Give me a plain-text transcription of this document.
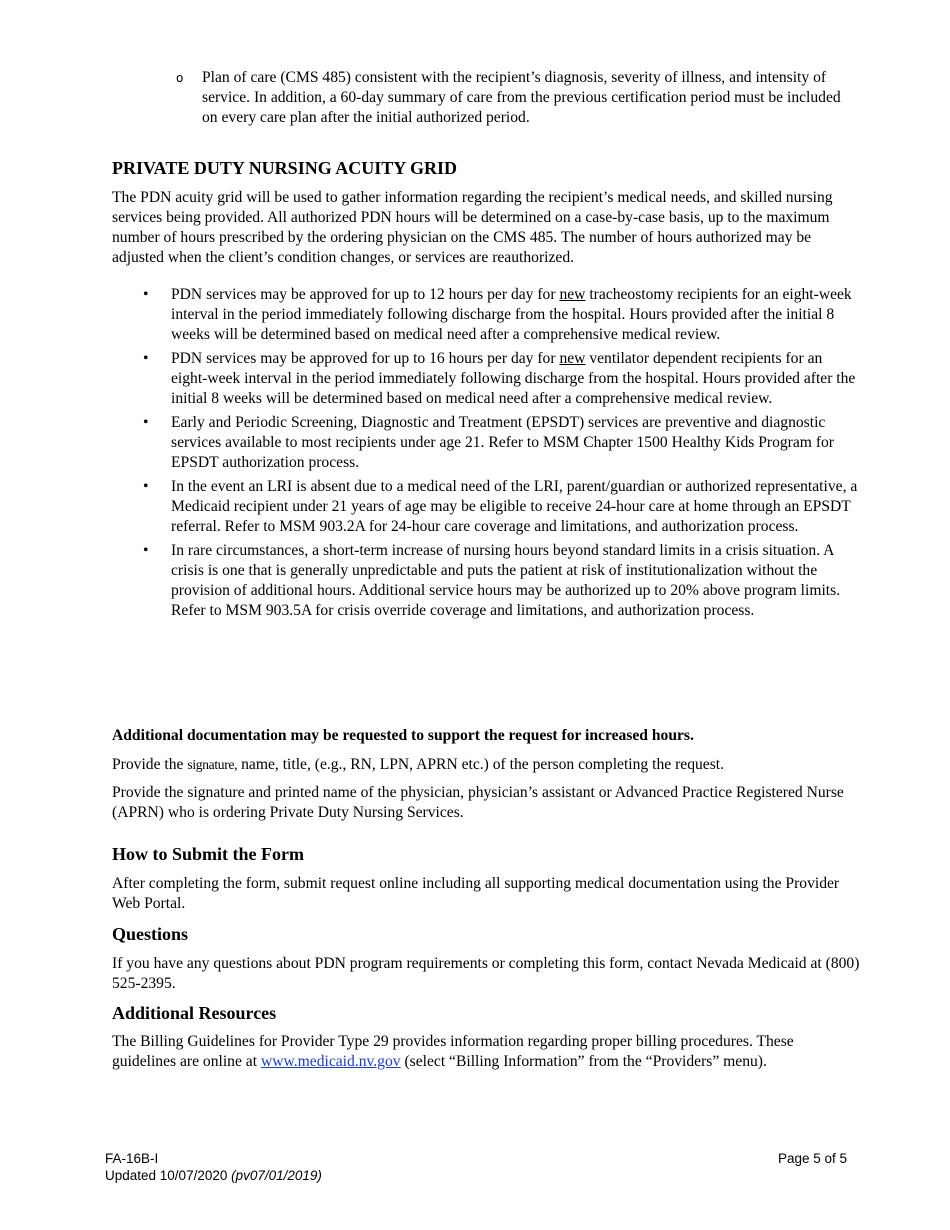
o Plan of care (CMS 485) consistent with the recipient’s diagnosis, severity of illness, and intensity of service. In addition, a 60-day summary of care from the previous certification period must be included on every care plan after the initial authorized period.
PRIVATE DUTY NURSING ACUITY GRID

The PDN acuity grid will be used to gather information regarding the recipient’s medical needs, and skilled nursing services being provided. All authorized PDN hours will be determined on a case-by-case basis, up to the maximum number of hours prescribed by the ordering physician on the CMS 485. The number of hours authorized may be adjusted when the client’s condition changes, or services are reauthorized.

• PDN services may be approved for up to 12 hours per day for new tracheostomy recipients for an eight-week interval in the period immediately following discharge from the hospital. Hours provided after the initial 8 weeks will be determined based on medical need after a comprehensive medical review.
• PDN services may be approved for up to 16 hours per day for new ventilator dependent recipients for an eight-week interval in the period immediately following discharge from the hospital. Hours provided after the initial 8 weeks will be determined based on medical need after a comprehensive medical review.
• Early and Periodic Screening, Diagnostic and Treatment (EPSDT) services are preventive and diagnostic services available to most recipients under age 21. Refer to MSM Chapter 1500 Healthy Kids Program for EPSDT authorization process.
• In the event an LRI is absent due to a medical need of the LRI, parent/guardian or authorized representative, a Medicaid recipient under 21 years of age may be eligible to receive 24-hour care at home through an EPSDT referral. Refer to MSM 903.2A for 24-hour care coverage and limitations, and authorization process.
• In rare circumstances, a short-term increase of nursing hours beyond standard limits in a crisis situation. A crisis is one that is generally unpredictable and puts the patient at risk of institutionalization without the provision of additional hours. Additional service hours may be authorized up to 20% above program limits. Refer to MSM 903.5A for crisis override coverage and limitations, and authorization process.

Additional documentation may be requested to support the request for increased hours.

Provide the signature, name, title, (e.g., RN, LPN, APRN etc.) of the person completing the request.

Provide the signature and printed name of the physician, physician’s assistant or Advanced Practice Registered Nurse (APRN) who is ordering Private Duty Nursing Services.

How to Submit the Form

After completing the form, submit request online including all supporting medical documentation using the Provider Web Portal.

Questions

If you have any questions about PDN program requirements or completing this form, contact Nevada Medicaid at (800) 525-2395.

Additional Resources

The Billing Guidelines for Provider Type 29 provides information regarding proper billing procedures. These guidelines are online at www.medicaid.nv.gov (select “Billing Information” from the “Providers” menu).

FA-16B-I
Updated 10/07/2020 (pv07/01/2019)
Page 5 of 5
